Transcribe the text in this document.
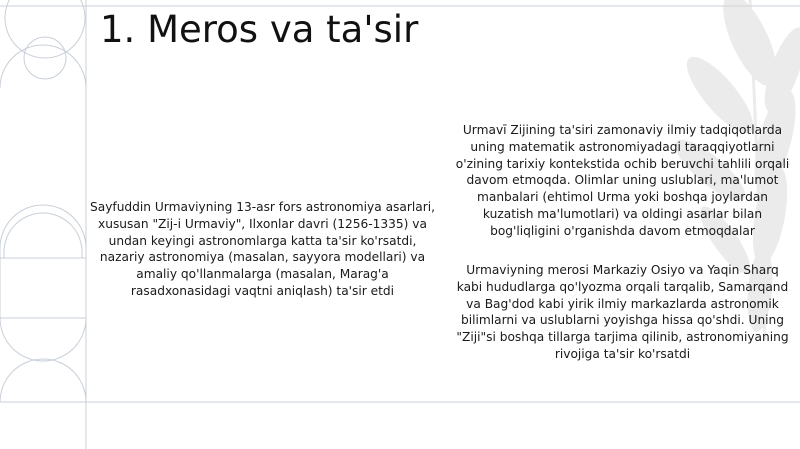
1. Meros va ta'sir

Sayfuddin Urmaviyning 13-asr fors astronomiya asarlari, xususan "Zij-i Urmaviy", Ilxonlar davri (1256-1335) va undan keyingi astronomlarga katta ta'sir ko'rsatdi, nazariy astronomiya (masalan, sayyora modellari) va amaliy qo'llanmalarga (masalan, Marag'a rasadxonasidagi vaqtni aniqlash) ta'sir etdi

Urmavī Zijining ta'siri zamonaviy ilmiy tadqiqotlarda uning matematik astronomiyadagi taraqqiyotlarni o'zining tarixiy kontekstida ochib beruvchi tahlili orqali davom etmoqda. Olimlar uning uslublari, ma'lumot manbalari (ehtimol Urma yoki boshqa joylardan kuzatish ma'lumotlari) va oldingi asarlar bilan bog'liqligini o'rganishda davom etmoqdalar

Urmaviyning merosi Markaziy Osiyo va Yaqin Sharq kabi hududlarga qo'lyozma orqali tarqalib, Samarqand va Bag'dod kabi yirik ilmiy markazlarda astronomik bilimlarni va uslublarni yoyishga hissa qo'shdi. Uning "Ziji"si boshqa tillarga tarjima qilinib, astronomiyaning rivojiga ta'sir ko'rsatdi
